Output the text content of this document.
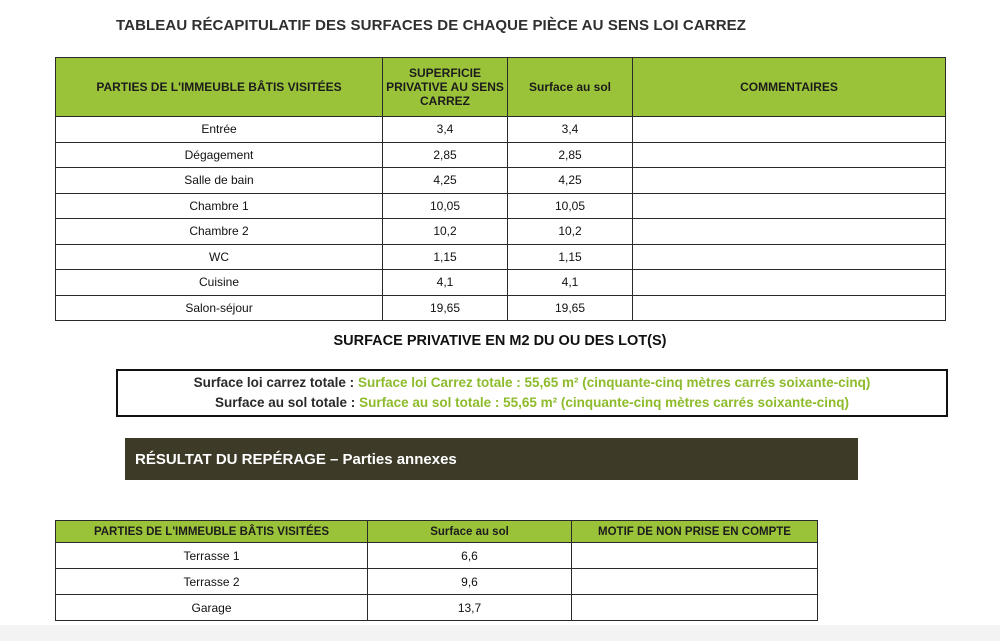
TABLEAU RÉCAPITULATIF DES SURFACES DE CHAQUE PIÈCE AU SENS LOI CARREZ
PARTIES DE L'IMMEUBLE BÂTIS VISITÉES	SUPERFICIE PRIVATIVE AU SENS CARREZ	Surface au sol	COMMENTAIRES
Entrée	3,4	3,4	
Dégagement	2,85	2,85	
Salle de bain	4,25	4,25	
Chambre 1	10,05	10,05	
Chambre 2	10,2	10,2	
WC	1,15	1,15	
Cuisine	4,1	4,1	
Salon-séjour	19,65	19,65	
SURFACE PRIVATIVE EN M2 DU OU DES LOT(S)
Surface loi carrez totale : Surface loi Carrez totale : 55,65 m² (cinquante-cinq mètres carrés soixante-cinq)
Surface au sol totale : Surface au sol totale : 55,65 m² (cinquante-cinq mètres carrés soixante-cinq)
RÉSULTAT DU REPÉRAGE – Parties annexes
PARTIES DE L'IMMEUBLE BÂTIS VISITÉES	Surface au sol	MOTIF DE NON PRISE EN COMPTE
Terrasse 1	6,6	
Terrasse 2	9,6	
Garage	13,7	
